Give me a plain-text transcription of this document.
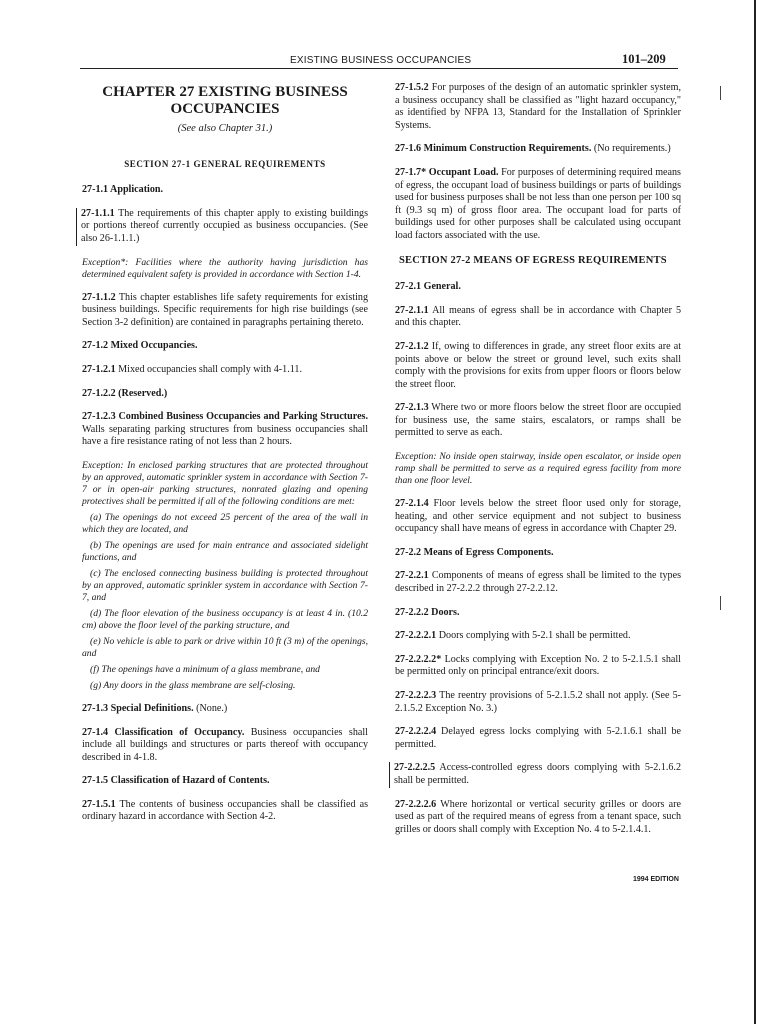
EXISTING BUSINESS OCCUPANCIES	101–209
CHAPTER 27 EXISTING BUSINESS OCCUPANCIES
(See also Chapter 31.)
SECTION 27-1 GENERAL REQUIREMENTS
27-1.1 Application.
27-1.1.1 The requirements of this chapter apply to existing buildings or portions thereof currently occupied as business occupancies. (See also 26-1.1.1.)
Exception*: Facilities where the authority having jurisdiction has determined equivalent safety is provided in accordance with Section 1-4.
27-1.1.2 This chapter establishes life safety requirements for existing business buildings. Specific requirements for high rise buildings (see Section 3-2 definition) are contained in paragraphs pertaining thereto.
27-1.2 Mixed Occupancies.
27-1.2.1 Mixed occupancies shall comply with 4-1.11.
27-1.2.2 (Reserved.)
27-1.2.3 Combined Business Occupancies and Parking Structures. Walls separating parking structures from business occupancies shall have a fire resistance rating of not less than 2 hours.
Exception: In enclosed parking structures that are protected throughout by an approved, automatic sprinkler system in accordance with Section 7-7 or in open-air parking structures, nonrated glazing and opening protectives shall be permitted if all of the following conditions are met:
(a) The openings do not exceed 25 percent of the area of the wall in which they are located, and
(b) The openings are used for main entrance and associated sidelight functions, and
(c) The enclosed connecting business building is protected throughout by an approved, automatic sprinkler system in accordance with Section 7-7, and
(d) The floor elevation of the business occupancy is at least 4 in. (10.2 cm) above the floor level of the parking structure, and
(e) No vehicle is able to park or drive within 10 ft (3 m) of the openings, and
(f) The openings have a minimum of a glass membrane, and
(g) Any doors in the glass membrane are self-closing.
27-1.3 Special Definitions. (None.)
27-1.4 Classification of Occupancy. Business occupancies shall include all buildings and structures or parts thereof with occupancy described in 4-1.8.
27-1.5 Classification of Hazard of Contents.
27-1.5.1 The contents of business occupancies shall be classified as ordinary hazard in accordance with Section 4-2.
27-1.5.2 For purposes of the design of an automatic sprinkler system, a business occupancy shall be classified as "light hazard occupancy," as identified by NFPA 13, Standard for the Installation of Sprinkler Systems.
27-1.6 Minimum Construction Requirements. (No requirements.)
27-1.7* Occupant Load. For purposes of determining required means of egress, the occupant load of business buildings or parts of buildings used for business purposes shall be not less than one person per 100 sq ft (9.3 sq m) of gross floor area. The occupant load for parts of buildings used for other purposes shall be calculated using occupant load factors associated with the use.
SECTION 27-2 MEANS OF EGRESS REQUIREMENTS
27-2.1 General.
27-2.1.1 All means of egress shall be in accordance with Chapter 5 and this chapter.
27-2.1.2 If, owing to differences in grade, any street floor exits are at points above or below the street or ground level, such exits shall comply with the provisions for exits from upper floors or floors below the street floor.
27-2.1.3 Where two or more floors below the street floor are occupied for business use, the same stairs, escalators, or ramps shall be permitted to serve as each.
Exception: No inside open stairway, inside open escalator, or inside open ramp shall be permitted to serve as a required egress facility from more than one floor level.
27-2.1.4 Floor levels below the street floor used only for storage, heating, and other service equipment and not subject to business occupancy shall have means of egress in accordance with Chapter 29.
27-2.2 Means of Egress Components.
27-2.2.1 Components of means of egress shall be limited to the types described in 27-2.2.2 through 27-2.2.12.
27-2.2.2 Doors.
27-2.2.2.1 Doors complying with 5-2.1 shall be permitted.
27-2.2.2.2* Locks complying with Exception No. 2 to 5-2.1.5.1 shall be permitted only on principal entrance/exit doors.
27-2.2.2.3 The reentry provisions of 5-2.1.5.2 shall not apply. (See 5-2.1.5.2 Exception No. 3.)
27-2.2.2.4 Delayed egress locks complying with 5-2.1.6.1 shall be permitted.
27-2.2.2.5 Access-controlled egress doors complying with 5-2.1.6.2 shall be permitted.
27-2.2.2.6 Where horizontal or vertical security grilles or doors are used as part of the required means of egress from a tenant space, such grilles or doors shall comply with Exception No. 4 to 5-2.1.4.1.
1994 EDITION
